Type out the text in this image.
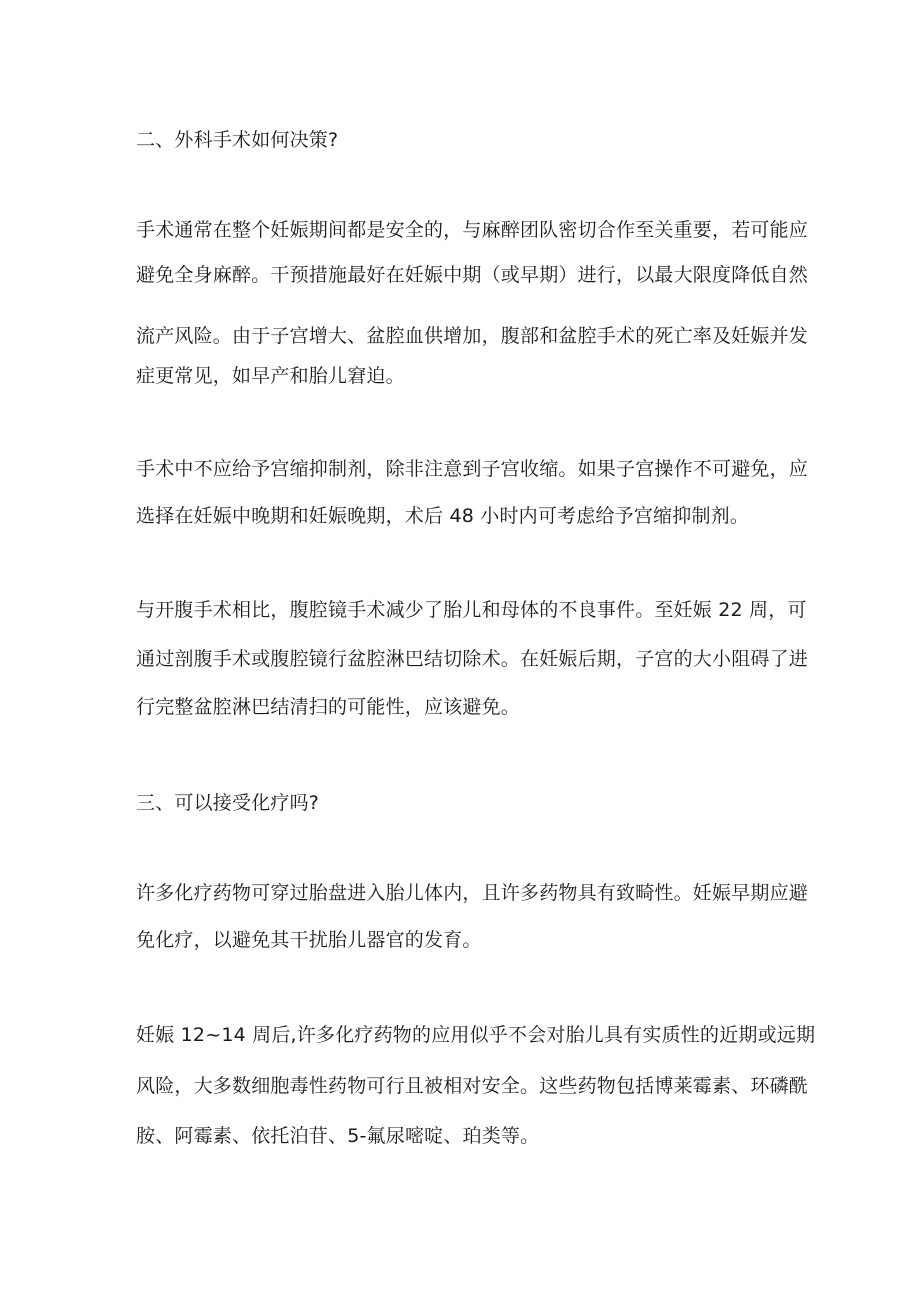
二、外科手术如何决策?
手术通常在整个妊娠期间都是安全的，与麻醉团队密切合作至关重要，若可能应
避免全身麻醉。干预措施最好在妊娠中期（或早期）进行，以最大限度降低自然
流产风险。由于子宫增大、盆腔血供增加，腹部和盆腔手术的死亡率及妊娠并发
症更常见，如早产和胎儿窘迫。
手术中不应给予宫缩抑制剂，除非注意到子宫收缩。如果子宫操作不可避免，应
选择在妊娠中晚期和妊娠晚期，术后 48 小时内可考虑给予宫缩抑制剂。
与开腹手术相比，腹腔镜手术减少了胎儿和母体的不良事件。至妊娠 22 周，可
通过剖腹手术或腹腔镜行盆腔淋巴结切除术。在妊娠后期，子宫的大小阻碍了进
行完整盆腔淋巴结清扫的可能性，应该避免。
三、可以接受化疗吗?
许多化疗药物可穿过胎盘进入胎儿体内，且许多药物具有致畸性。妊娠早期应避
免化疗，以避免其干扰胎儿器官的发育。
妊娠 12~14 周后,许多化疗药物的应用似乎不会对胎儿具有实质性的近期或远期
风险，大多数细胞毒性药物可行且被相对安全。这些药物包括博莱霉素、环磷酰
胺、阿霉素、依托泊苷、5-氟尿嘧啶、珀类等。
